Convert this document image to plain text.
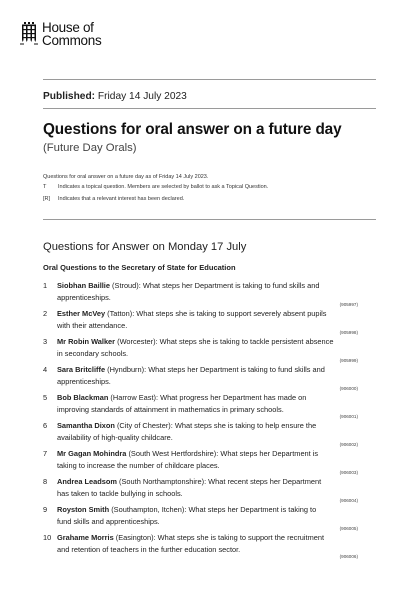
House of
Commons
Published: Friday 14 July 2023
Questions for oral answer on a future day
(Future Day Orals)
Questions for oral answer on a future day as of Friday 14 July 2023.
T Indicates a topical question. Members are selected by ballot to ask a Topical Question.
[R] Indicates that a relevant interest has been declared.
Questions for Answer on Monday 17 July
Oral Questions to the Secretary of State for Education
1 Siobhan Baillie (Stroud): What steps her Department is taking to fund skills and
apprenticeships.
(905997)
2 Esther McVey (Tatton): What steps she is taking to support severely absent pupils
with their attendance.
(905998)
3 Mr Robin Walker (Worcester): What steps she is taking to tackle persistent absence
in secondary schools.
(905999)
4 Sara Britcliffe (Hyndburn): What steps her Department is taking to fund skills and
apprenticeships.
(906000)
5 Bob Blackman (Harrow East): What progress her Department has made on
improving standards of attainment in mathematics in primary schools.
(906001)
6 Samantha Dixon (City of Chester): What steps she is taking to help ensure the
availability of high-quality childcare.
(906002)
7 Mr Gagan Mohindra (South West Hertfordshire): What steps her Department is
taking to increase the number of childcare places.
(906003)
8 Andrea Leadsom (South Northamptonshire): What recent steps her Department
has taken to tackle bullying in schools.
(906004)
9 Royston Smith (Southampton, Itchen): What steps her Department is taking to
fund skills and apprenticeships.
(906005)
10 Grahame Morris (Easington): What steps she is taking to support the recruitment
and retention of teachers in the further education sector.
(906006)
